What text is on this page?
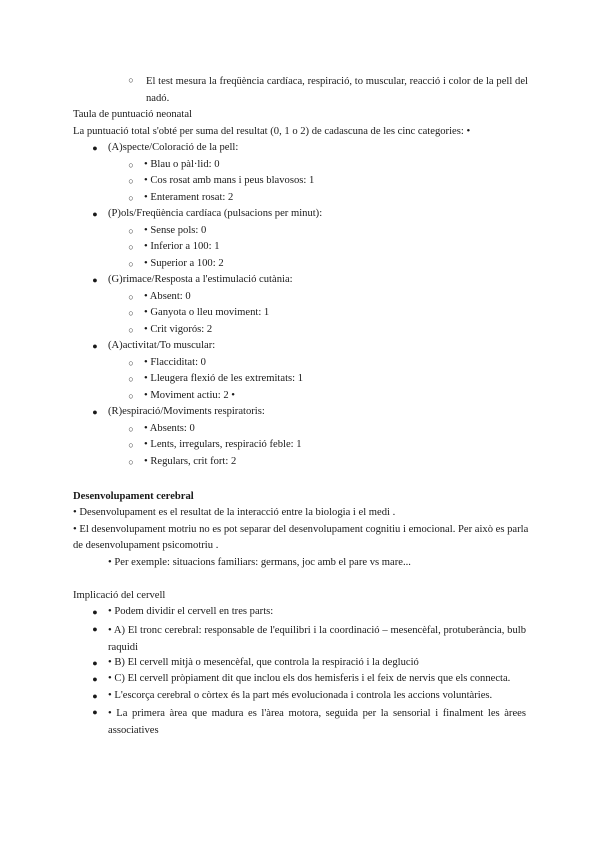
○	El test mesura la freqüència cardíaca, respiració, to muscular, reacció i color de la pell del nadó.
Taula de puntuació neonatal
La puntuació total s'obté per suma del resultat (0, 1 o 2) de cadascuna de les cinc categories: •
● (A)specte/Coloració de la pell:
○ • Blau o pàl·lid: 0
○ • Cos rosat amb mans i peus blavosos: 1
○ • Enterament rosat: 2
● (P)ols/Freqüència cardíaca (pulsacions per minut):
○ • Sense pols: 0
○ • Inferior a 100: 1
○ • Superior a 100: 2
● (G)rimace/Resposta a l'estimulació cutània:
○ • Absent: 0
○ • Ganyota o lleu moviment: 1
○ • Crit vigorós: 2
● (A)activitat/To muscular:
○ • Flacciditat: 0
○ • Lleugera flexió de les extremitats: 1
○ • Moviment actiu: 2 •
● (R)espiració/Moviments respiratoris:
○ • Absents: 0
○ • Lents, irregulars, respiració feble: 1
○ • Regulars, crit fort: 2
Desenvolupament cerebral
• Desenvolupament es el resultat de la interacció entre la biologia i el medi .
• El desenvolupament motriu no es pot separar del desenvolupament cognitiu i emocional. Per això es parla
de desenvolupament psicomotriu .
• Per exemple: situacions familiars: germans, joc amb el pare vs mare...
Implicació del cervell
● • Podem dividir el cervell en tres parts:
● • A) El tronc cerebral: responsable de l'equilibri i la coordinació – mesencèfal, protuberància, bulb raquidi
● • B) El cervell mitjà o mesencèfal, que controla la respiració i la deglució
● • C) El cervell pròpiament dit que inclou els dos hemisferis i el feix de nervis que els connecta.
● • L'escorça cerebral o còrtex és la part més evolucionada i controla les accions voluntàries.
● • La primera àrea que madura es l'àrea motora, seguida per la sensorial i finalment les àrees associatives
